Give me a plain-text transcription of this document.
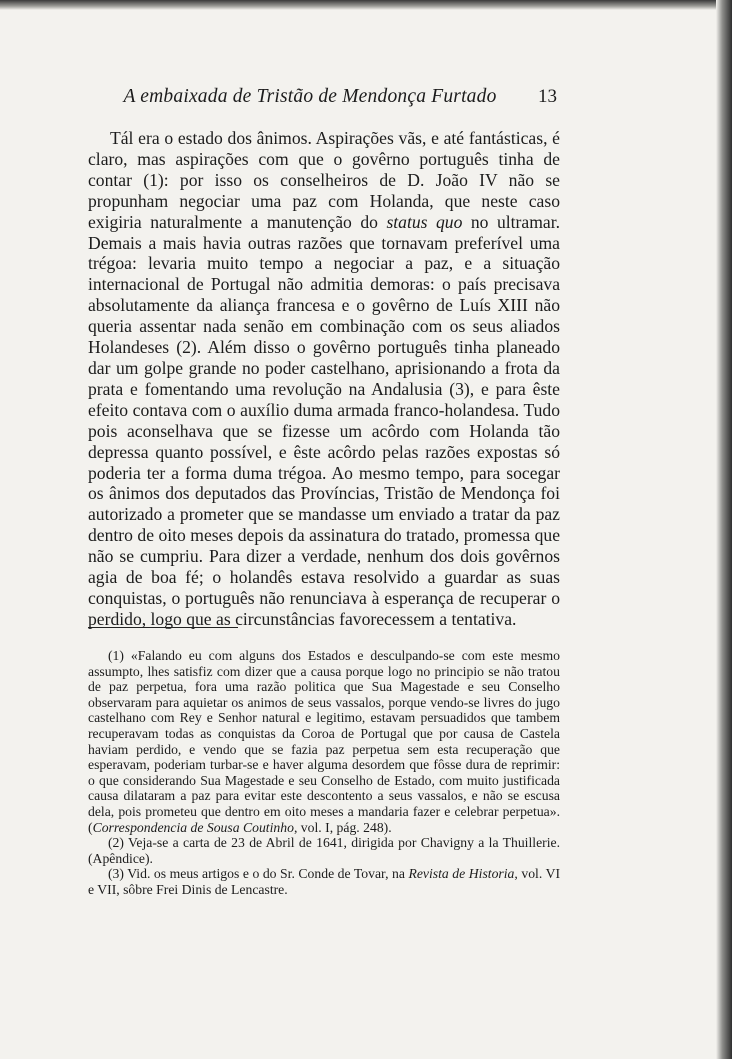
A embaixada de Tristão de Mendonça Furtado 13

Tál era o estado dos ânimos. Aspirações vãs, e até fantásticas, é claro, mas aspirações com que o govêrno português tinha de contar (1): por isso os conselheiros de D. João IV não se propunham negociar uma paz com Holanda, que neste caso exigiria naturalmente a manutenção do status quo no ultramar. Demais a mais havia outras razões que tornavam preferível uma trégoa: levaria muito tempo a negociar a paz, e a situação internacional de Portugal não admitia demoras: o país precisava absolutamente da aliança francesa e o govêrno de Luís XIII não queria assentar nada senão em combinação com os seus aliados Holandeses (2). Além disso o govêrno português tinha planeado dar um golpe grande no poder castelhano, aprisionando a frota da prata e fomentando uma revolução na Andalusia (3), e para êste efeito contava com o auxílio duma armada franco-holandesa. Tudo pois aconselhava que se fizesse um acôrdo com Holanda tão depressa quanto possível, e êste acôrdo pelas razões expostas só poderia ter a forma duma trégoa. Ao mesmo tempo, para socegar os ânimos dos deputados das Províncias, Tristão de Mendonça foi autorizado a prometer que se mandasse um enviado a tratar da paz dentro de oito meses depois da assinatura do tratado, promessa que não se cumpriu. Para dizer a verdade, nenhum dos dois govêrnos agia de boa fé; o holandês estava resolvido a guardar as suas conquistas, o português não renunciava à esperança de recuperar o perdido, logo que as circunstâncias favorecessem a tentativa.

(1) «Falando eu com alguns dos Estados e desculpando-se com este mesmo assumpto, lhes satisfiz com dizer que a causa porque logo no principio se não tratou de paz perpetua, fora uma razão politica que Sua Magestade e seu Conselho observaram para aquietar os animos de seus vassalos, porque vendo-se livres do jugo castelhano com Rey e Senhor natural e legitimo, estavam persuadidos que tambem recuperavam todas as conquistas da Coroa de Portugal que por causa de Castela haviam perdido, e vendo que se fazia paz perpetua sem esta recuperação que esperavam, poderiam turbar-se e haver alguma desordem que fôsse dura de reprimir: o que considerando Sua Magestade e seu Conselho de Estado, com muito justificada causa dilataram a paz para evitar este descontento a seus vassalos, e não se escusa dela, pois prometeu que dentro em oito meses a mandaria fazer e celebrar perpetua». (Correspondencia de Sousa Coutinho, vol. I, pág. 248).

(2) Veja-se a carta de 23 de Abril de 1641, dirigida por Chavigny a la Thuillerie. (Apêndice).

(3) Vid. os meus artigos e o do Sr. Conde de Tovar, na Revista de Historia, vol. VI e VII, sôbre Frei Dinis de Lencastre.
